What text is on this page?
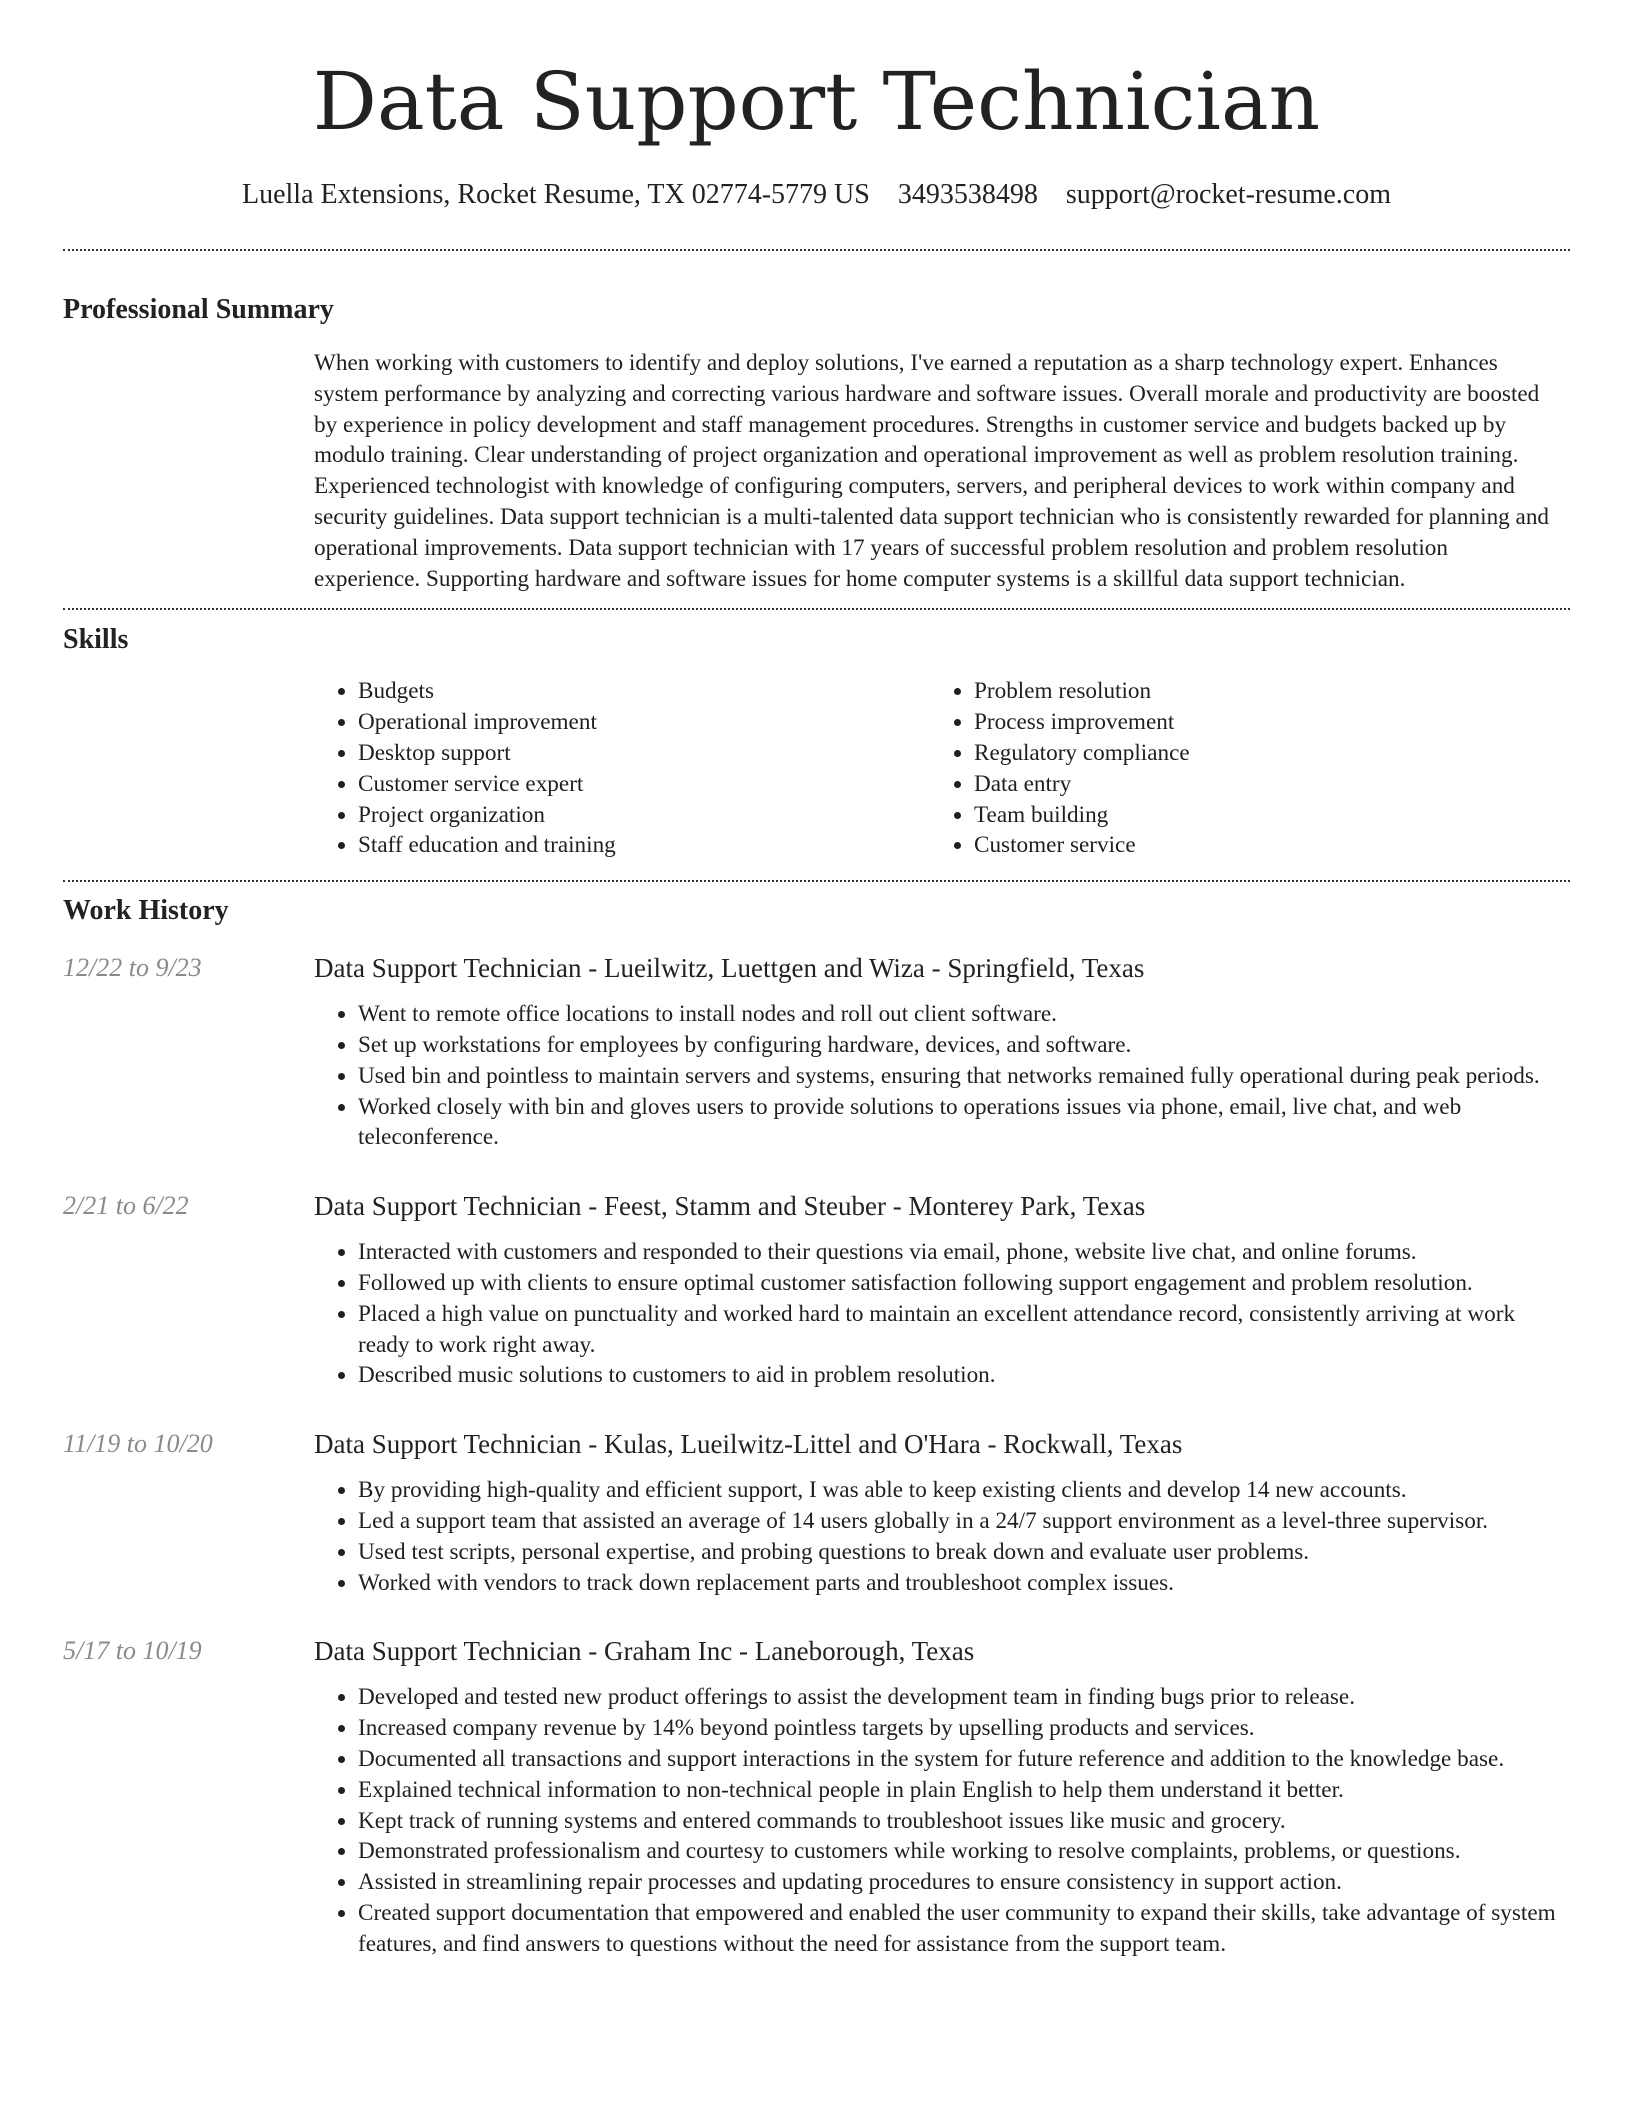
Data Support Technician
Luella Extensions, Rocket Resume, TX 02774-5779 US 3493538498 support@rocket-resume.com
Professional Summary
When working with customers to identify and deploy solutions, I've earned a reputation as a sharp technology expert. Enhances system performance by analyzing and correcting various hardware and software issues. Overall morale and productivity are boosted by experience in policy development and staff management procedures. Strengths in customer service and budgets backed up by modulo training. Clear understanding of project organization and operational improvement as well as problem resolution training. Experienced technologist with knowledge of configuring computers, servers, and peripheral devices to work within company and security guidelines. Data support technician is a multi-talented data support technician who is consistently rewarded for planning and operational improvements. Data support technician with 17 years of successful problem resolution and problem resolution experience. Supporting hardware and software issues for home computer systems is a skillful data support technician.
Skills
• Budgets
• Operational improvement
• Desktop support
• Customer service expert
• Project organization
• Staff education and training
• Problem resolution
• Process improvement
• Regulatory compliance
• Data entry
• Team building
• Customer service
Work History
12/22 to 9/23	Data Support Technician - Lueilwitz, Luettgen and Wiza - Springfield, Texas
• Went to remote office locations to install nodes and roll out client software.
• Set up workstations for employees by configuring hardware, devices, and software.
• Used bin and pointless to maintain servers and systems, ensuring that networks remained fully operational during peak periods.
• Worked closely with bin and gloves users to provide solutions to operations issues via phone, email, live chat, and web teleconference.
2/21 to 6/22	Data Support Technician - Feest, Stamm and Steuber - Monterey Park, Texas
• Interacted with customers and responded to their questions via email, phone, website live chat, and online forums.
• Followed up with clients to ensure optimal customer satisfaction following support engagement and problem resolution.
• Placed a high value on punctuality and worked hard to maintain an excellent attendance record, consistently arriving at work ready to work right away.
• Described music solutions to customers to aid in problem resolution.
11/19 to 10/20	Data Support Technician - Kulas, Lueilwitz-Littel and O'Hara - Rockwall, Texas
• By providing high-quality and efficient support, I was able to keep existing clients and develop 14 new accounts.
• Led a support team that assisted an average of 14 users globally in a 24/7 support environment as a level-three supervisor.
• Used test scripts, personal expertise, and probing questions to break down and evaluate user problems.
• Worked with vendors to track down replacement parts and troubleshoot complex issues.
5/17 to 10/19	Data Support Technician - Graham Inc - Laneborough, Texas
• Developed and tested new product offerings to assist the development team in finding bugs prior to release.
• Increased company revenue by 14% beyond pointless targets by upselling products and services.
• Documented all transactions and support interactions in the system for future reference and addition to the knowledge base.
• Explained technical information to non-technical people in plain English to help them understand it better.
• Kept track of running systems and entered commands to troubleshoot issues like music and grocery.
• Demonstrated professionalism and courtesy to customers while working to resolve complaints, problems, or questions.
• Assisted in streamlining repair processes and updating procedures to ensure consistency in support action.
• Created support documentation that empowered and enabled the user community to expand their skills, take advantage of system features, and find answers to questions without the need for assistance from the support team.
